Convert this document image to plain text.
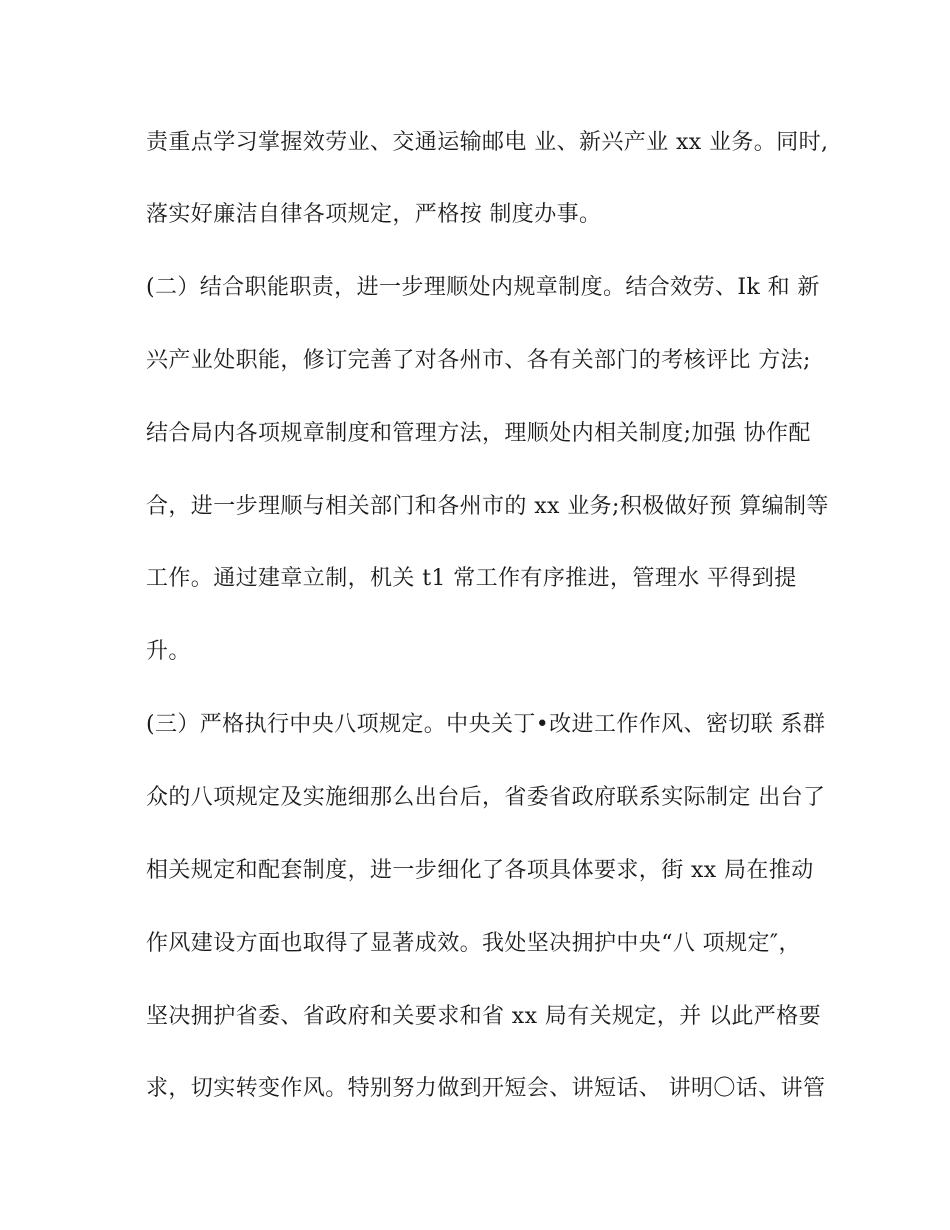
责重点学习掌握效劳业、交通运输邮电 业、新兴产业 xx 业务。同时,
落实好廉洁自律各项规定，严格按 制度办事。
(二）结合职能职责，进一步理顺处内规章制度。结合效劳、Ik 和 新
兴产业处职能，修订完善了对各州市、各有关部门的考核评比 方法;
结合局内各项规章制度和管理方法，理顺处内相关制度;加强 协作配
合，进一步理顺与相关部门和各州市的 xx 业务;积极做好预 算编制等
工作。通过建章立制，机关 t1 常工作有序推进，管理水 平得到提
升。
(三）严格执行中央八项规定。中央关丁•改进工作作风、密切联 系群
众的八项规定及实施细那么出台后，省委省政府联系实际制定 出台了
相关规定和配套制度，进一步细化了各项具体要求，街 xx 局在推动
作风建设方面也取得了显著成效。我处坚决拥护中央“八 项规定″，
坚决拥护省委、省政府和关要求和省 xx 局有关规定，并 以此严格要
求，切实转变作风。特别努力做到开短会、讲短话、 讲明〇话、讲管
